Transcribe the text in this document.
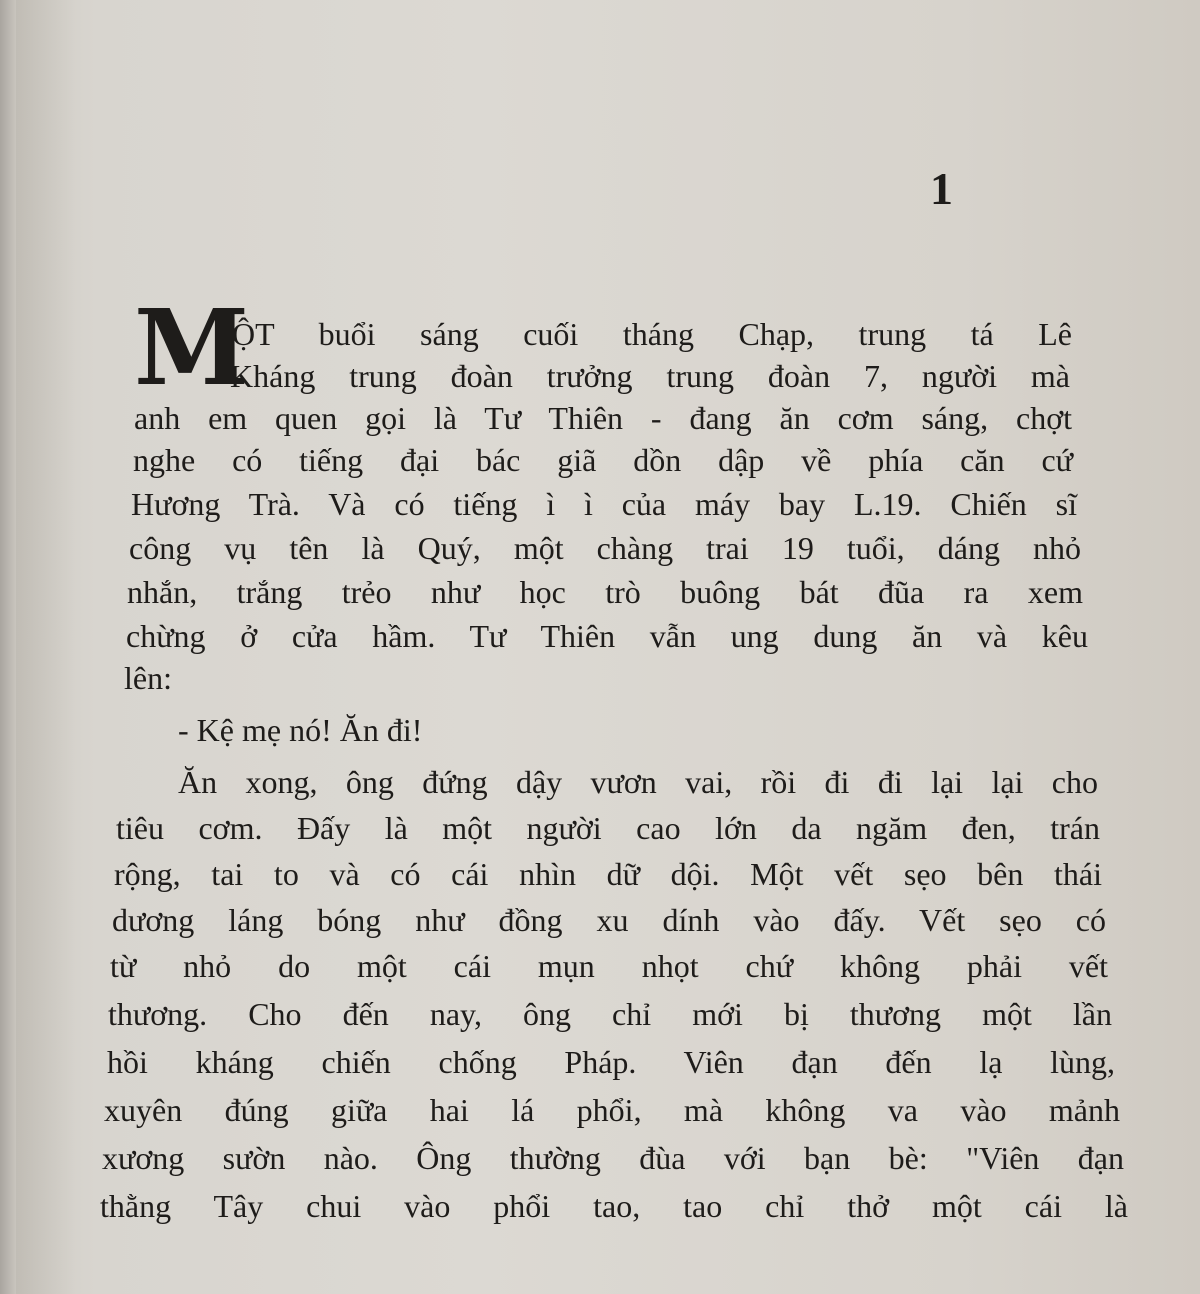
1
M
ỘT buổi sáng cuối tháng Chạp, trung tá Lê
Kháng trung đoàn trưởng trung đoàn 7, người mà
anh em quen gọi là Tư Thiên - đang ăn cơm sáng, chợt
nghe có tiếng đại bác giã dồn dập về phía căn cứ
Hương Trà. Và có tiếng ì ì của máy bay L.19. Chiến sĩ
công vụ tên là Quý, một chàng trai 19 tuổi, dáng nhỏ
nhắn, trắng trẻo như học trò buông bát đũa ra xem
chừng ở cửa hầm. Tư Thiên vẫn ung dung ăn và kêu
lên:
- Kệ mẹ nó! Ăn đi!
Ăn xong, ông đứng dậy vươn vai, rồi đi đi lại lại cho
tiêu cơm. Đấy là một người cao lớn da ngăm đen, trán
rộng, tai to và có cái nhìn dữ dội. Một vết sẹo bên thái
dương láng bóng như đồng xu dính vào đấy. Vết sẹo có
từ nhỏ do một cái mụn nhọt chứ không phải vết
thương. Cho đến nay, ông chỉ mới bị thương một lần
hồi kháng chiến chống Pháp. Viên đạn đến lạ lùng,
xuyên đúng giữa hai lá phổi, mà không va vào mảnh
xương sườn nào. Ông thường đùa với bạn bè: "Viên đạn
thằng Tây chui vào phổi tao, tao chỉ thở một cái là
